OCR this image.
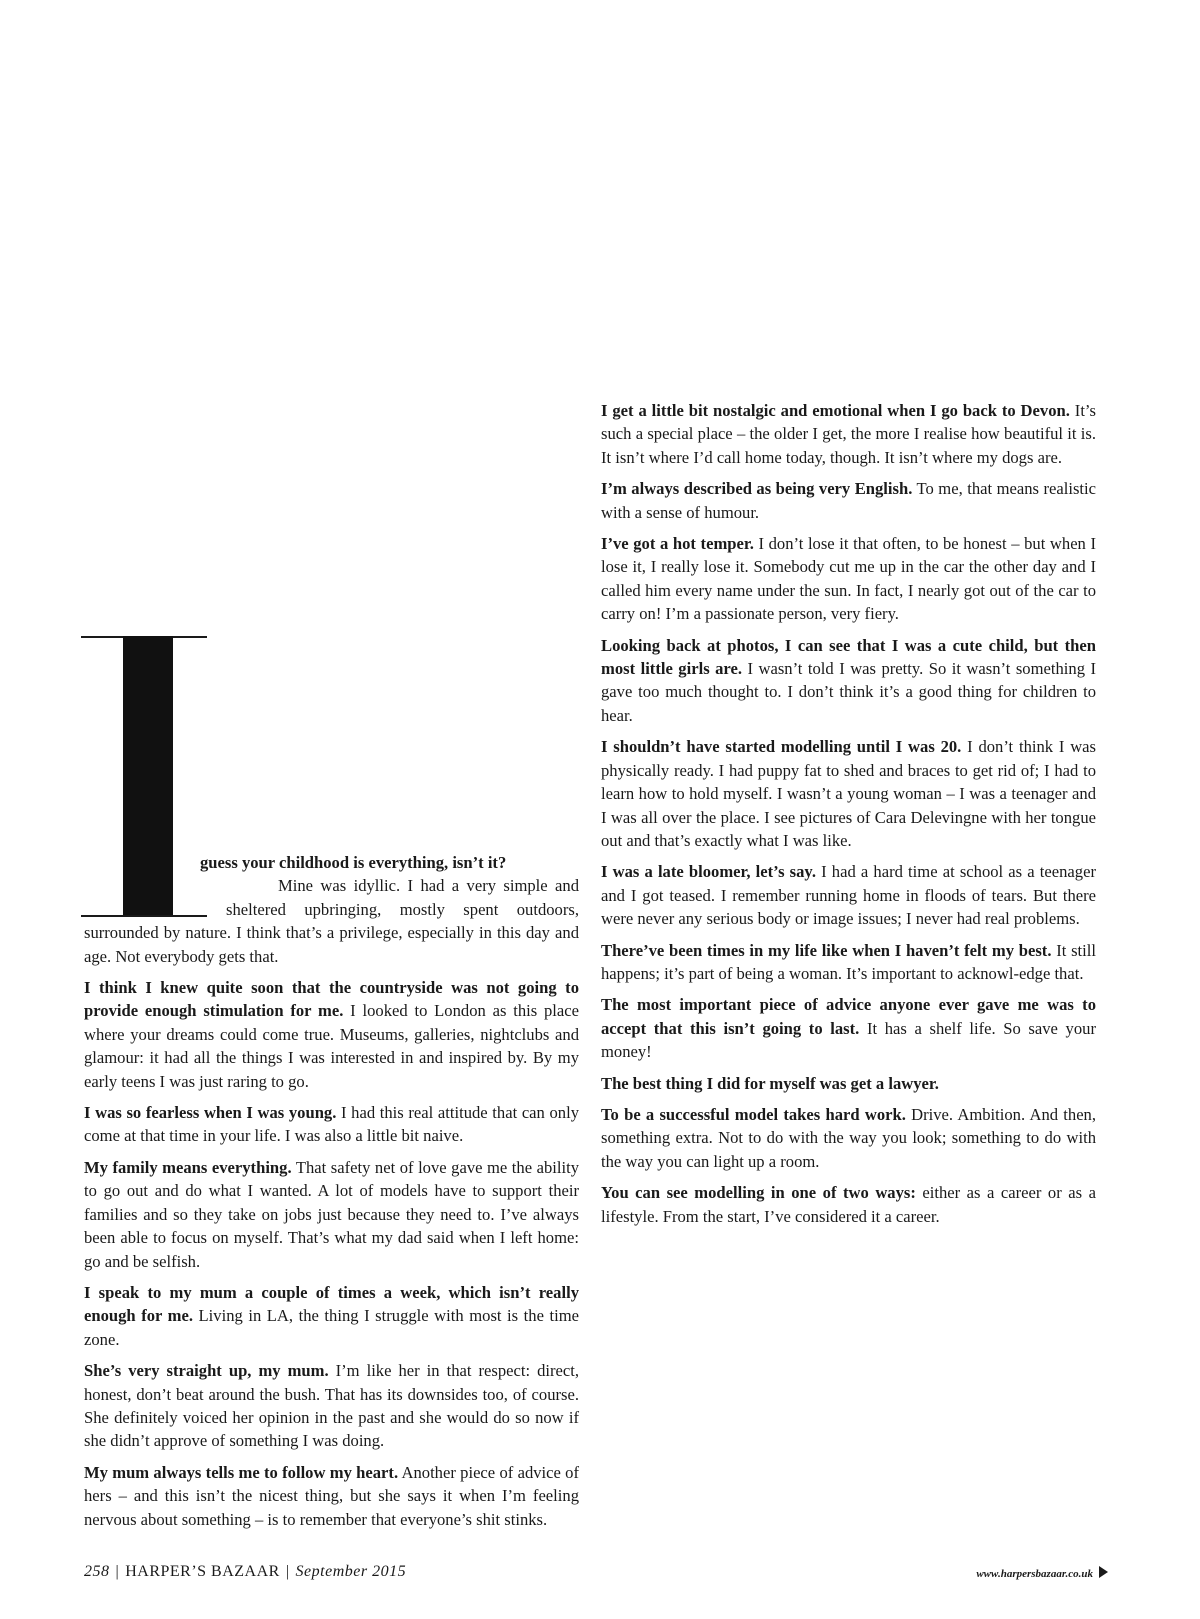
guess your childhood is everything, isn’t it?
Mine was idyllic. I had a very simple and
sheltered upbringing, mostly spent outdoors,
surrounded by nature. I think that’s a privilege, especially in this day and age. Not everybody gets that.

I think I knew quite soon that the countryside was not going to provide enough stimulation for me. I looked to London as this place where your dreams could come true. Museums, galleries, nightclubs and glamour: it had all the things I was interested in and inspired by. By my early teens I was just raring to go.

I was so fearless when I was young. I had this real attitude that can only come at that time in your life. I was also a little bit naive.

My family means everything. That safety net of love gave me the ability to go out and do what I wanted. A lot of models have to support their families and so they take on jobs just because they need to. I’ve always been able to focus on myself. That’s what my dad said when I left home: go and be selfish.

I speak to my mum a couple of times a week, which isn’t really enough for me. Living in LA, the thing I struggle with most is the time zone.

She’s very straight up, my mum. I’m like her in that respect: direct, honest, don’t beat around the bush. That has its downsides too, of course. She definitely voiced her opinion in the past and she would do so now if she didn’t approve of something I was doing.

My mum always tells me to follow my heart. Another piece of advice of hers – and this isn’t the nicest thing, but she says it when I’m feeling nervous about something – is to remember that everyone’s shit stinks.

I get a little bit nostalgic and emotional when I go back to Devon. It’s such a special place – the older I get, the more I realise how beautiful it is. It isn’t where I’d call home today, though. It isn’t where my dogs are.

I’m always described as being very English. To me, that means realistic with a sense of humour.

I’ve got a hot temper. I don’t lose it that often, to be honest – but when I lose it, I really lose it. Somebody cut me up in the car the other day and I called him every name under the sun. In fact, I nearly got out of the car to carry on! I’m a passionate person, very fiery.

Looking back at photos, I can see that I was a cute child, but then most little girls are. I wasn’t told I was pretty. So it wasn’t something I gave too much thought to. I don’t think it’s a good thing for children to hear.

I shouldn’t have started modelling until I was 20. I don’t think I was physically ready. I had puppy fat to shed and braces to get rid of; I had to learn how to hold myself. I wasn’t a young woman – I was a teenager and I was all over the place. I see pictures of Cara Delevingne with her tongue out and that’s exactly what I was like.

I was a late bloomer, let’s say. I had a hard time at school as a teenager and I got teased. I remember running home in floods of tears. But there were never any serious body or image issues; I never had real problems.

There’ve been times in my life like when I haven’t felt my best. It still happens; it’s part of being a woman. It’s important to acknowl-edge that.

The most important piece of advice anyone ever gave me was to accept that this isn’t going to last. It has a shelf life. So save your money!

The best thing I did for myself was get a lawyer.

To be a successful model takes hard work. Drive. Ambition. And then, something extra. Not to do with the way you look; something to do with the way you can light up a room.

You can see modelling in one of two ways: either as a career or as a lifestyle. From the start, I’ve considered it a career.

258 | HARPER’S BAZAAR | September 2015	www.harpersbazaar.co.uk
